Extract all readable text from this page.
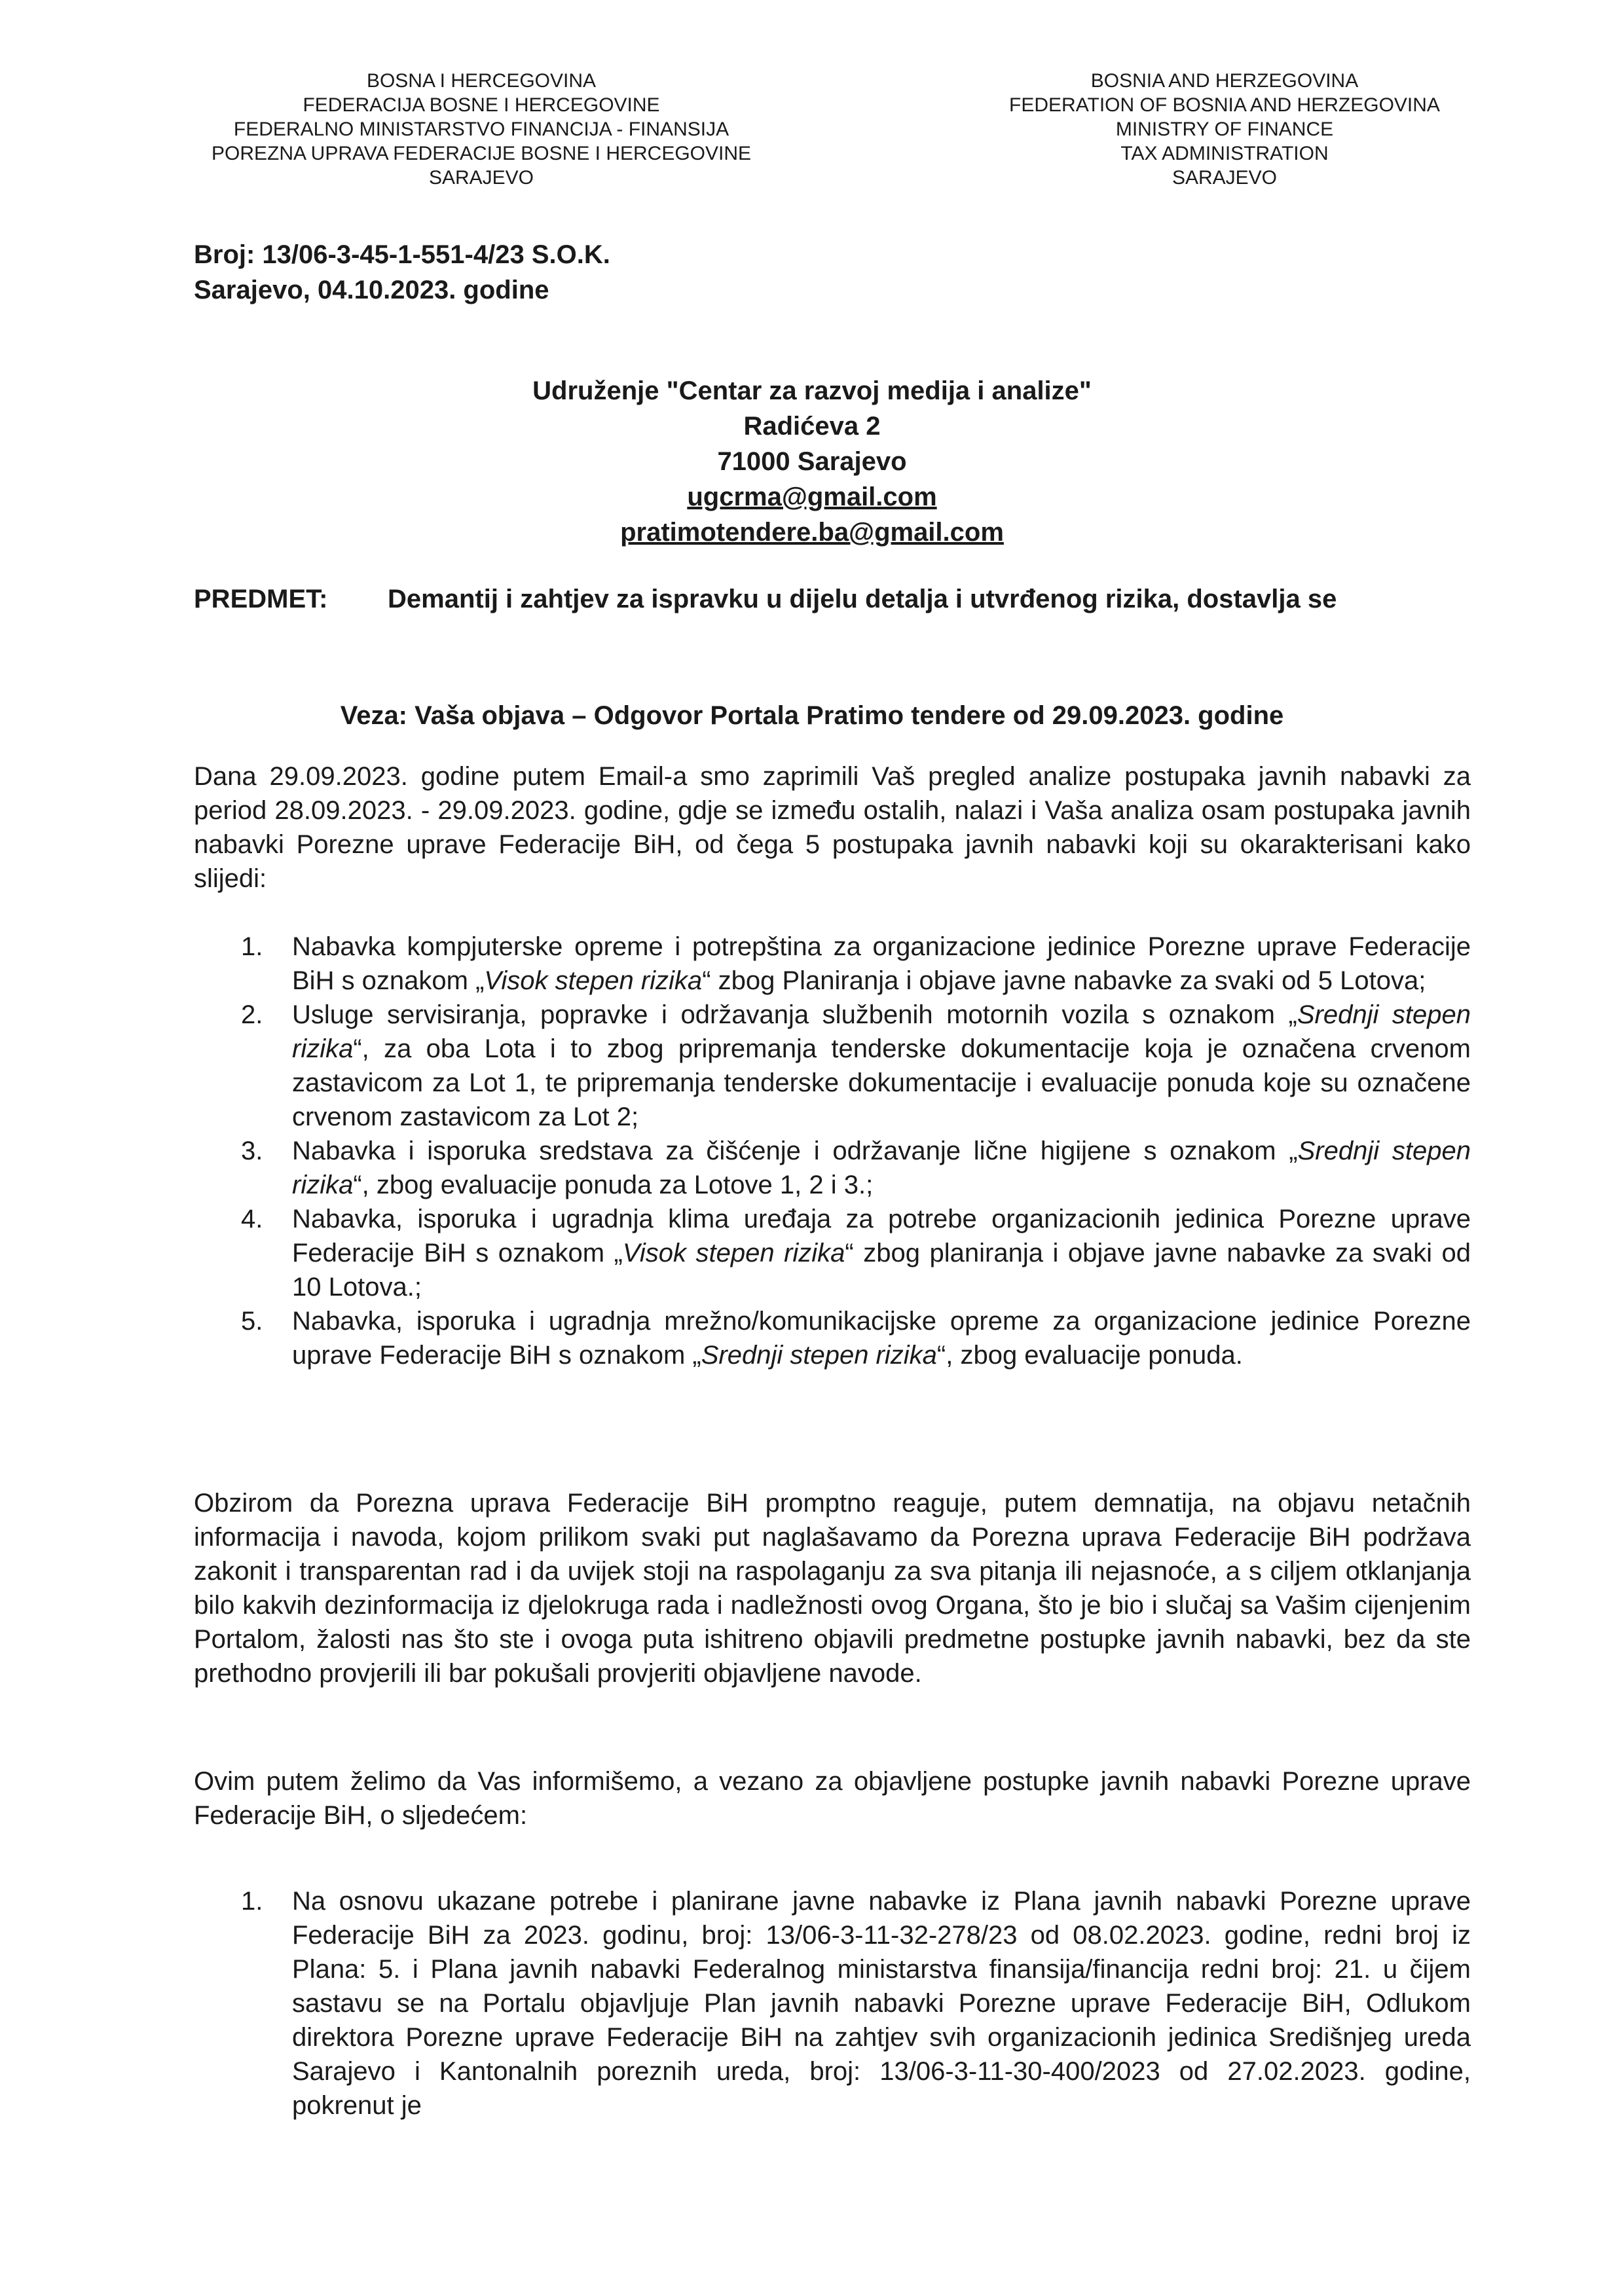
BOSNA I HERCEGOVINA
FEDERACIJA BOSNE I HERCEGOVINE
FEDERALNO MINISTARSTVO FINANCIJA - FINANSIJA
POREZNA UPRAVA FEDERACIJE BOSNE I HERCEGOVINE
SARAJEVO
BOSNIA AND HERZEGOVINA
FEDERATION OF BOSNIA AND HERZEGOVINA
MINISTRY OF FINANCE
TAX ADMINISTRATION
SARAJEVO
Broj: 13/06-3-45-1-551-4/23 S.O.K.
Sarajevo, 04.10.2023. godine
Udruženje "Centar za razvoj medija i analize"
Radićeva 2
71000 Sarajevo
ugcrma@gmail.com
pratimotendere.ba@gmail.com
PREDMET: Demantij i zahtjev za ispravku u dijelu detalja i utvrđenog rizika, dostavlja se
Veza: Vaša objava – Odgovor Portala Pratimo tendere od 29.09.2023. godine
Dana 29.09.2023. godine putem Email-a smo zaprimili Vaš pregled analize postupaka javnih nabavki za period 28.09.2023. - 29.09.2023. godine, gdje se između ostalih, nalazi i Vaša analiza osam postupaka javnih nabavki Porezne uprave Federacije BiH, od čega 5 postupaka javnih nabavki koji su okarakterisani kako slijedi:
1. Nabavka kompjuterske opreme i potrepština za organizacione jedinice Porezne uprave Federacije BiH s oznakom „Visok stepen rizika“ zbog Planiranja i objave javne nabavke za svaki od 5 Lotova;
2. Usluge servisiranja, popravke i održavanja službenih motornih vozila s oznakom „Srednji stepen rizika“, za oba Lota i to zbog pripremanja tenderske dokumentacije koja je označena crvenom zastavicom za Lot 1, te pripremanja tenderske dokumentacije i evaluacije ponuda koje su označene crvenom zastavicom za Lot 2;
3. Nabavka i isporuka sredstava za čišćenje i održavanje lične higijene s oznakom „Srednji stepen rizika“, zbog evaluacije ponuda za Lotove 1, 2 i 3.;
4. Nabavka, isporuka i ugradnja klima uređaja za potrebe organizacionih jedinica Porezne uprave Federacije BiH s oznakom „Visok stepen rizika“ zbog planiranja i objave javne nabavke za svaki od 10 Lotova.;
5. Nabavka, isporuka i ugradnja mrežno/komunikacijske opreme za organizacione jedinice Porezne uprave Federacije BiH s oznakom „Srednji stepen rizika“, zbog evaluacije ponuda.
Obzirom da Porezna uprava Federacije BiH promptno reaguje, putem demnatija, na objavu netačnih informacija i navoda, kojom prilikom svaki put naglašavamo da Porezna uprava Federacije BiH podržava zakonit i transparentan rad i da uvijek stoji na raspolaganju za sva pitanja ili nejasnoće, a s ciljem otklanjanja bilo kakvih dezinformacija iz djelokruga rada i nadležnosti ovog Organa, što je bio i slučaj sa Vašim cijenjenim Portalom, žalosti nas što ste i ovoga puta ishitreno objavili predmetne postupke javnih nabavki, bez da ste prethodno provjerili ili bar pokušali provjeriti objavljene navode.
Ovim putem želimo da Vas informišemo, a vezano za objavljene postupke javnih nabavki Porezne uprave Federacije BiH, o sljedećem:
1. Na osnovu ukazane potrebe i planirane javne nabavke iz Plana javnih nabavki Porezne uprave Federacije BiH za 2023. godinu, broj: 13/06-3-11-32-278/23 od 08.02.2023. godine, redni broj iz Plana: 5. i Plana javnih nabavki Federalnog ministarstva finansija/financija redni broj: 21. u čijem sastavu se na Portalu objavljuje Plan javnih nabavki Porezne uprave Federacije BiH, Odlukom direktora Porezne uprave Federacije BiH na zahtjev svih organizacionih jedinica Središnjeg ureda Sarajevo i Kantonalnih poreznih ureda, broj: 13/06-3-11-30-400/2023 od 27.02.2023. godine, pokrenut je
